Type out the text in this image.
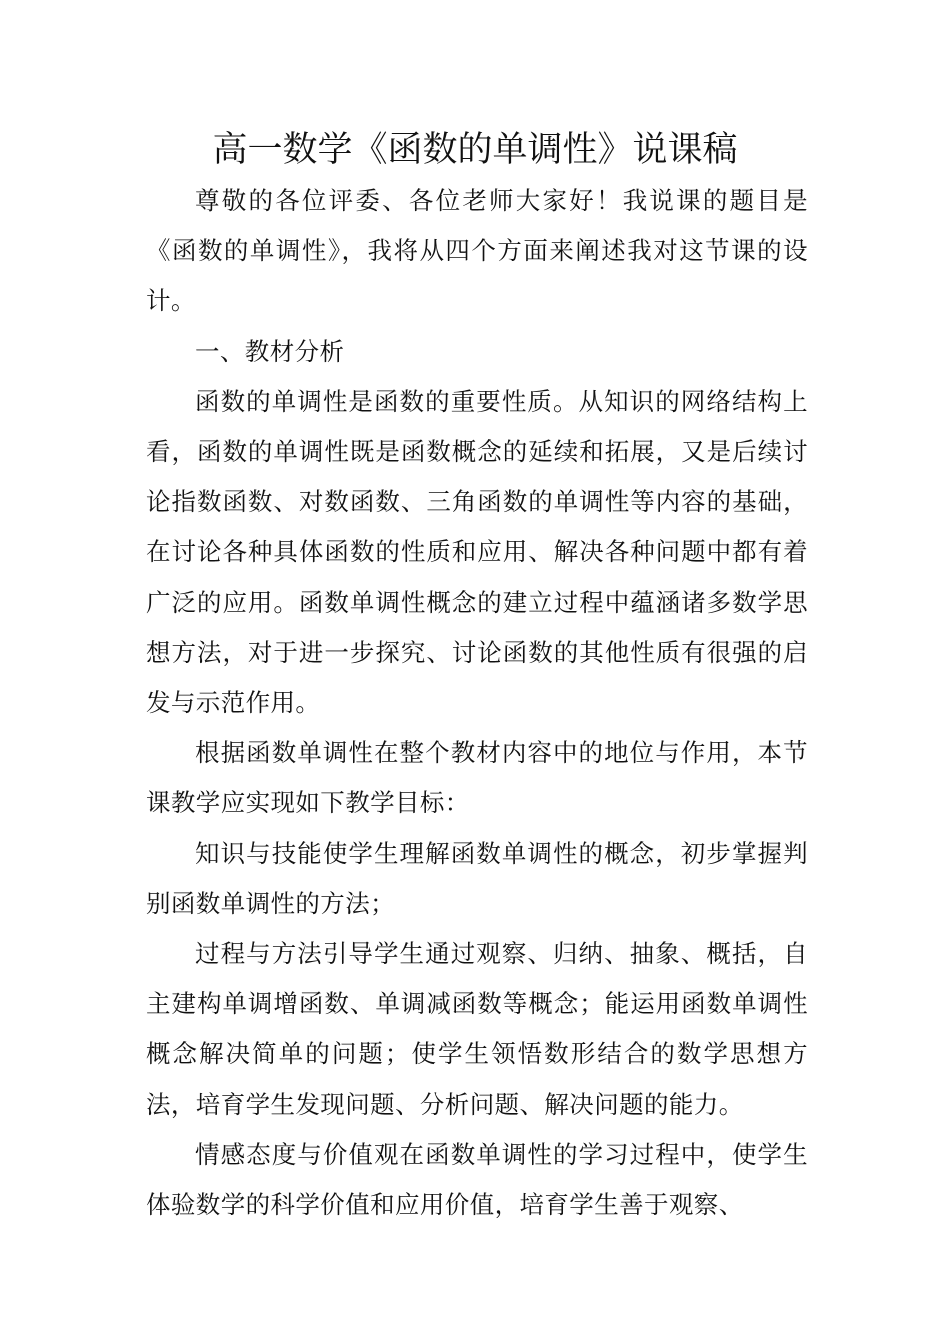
高一数学《函数的单调性》说课稿

尊敬的各位评委、各位老师大家好！我说课的题目是《函数的单调性》，我将从四个方面来阐述我对这节课的设计。

一、教材分析

函数的单调性是函数的重要性质。从知识的网络结构上看，函数的单调性既是函数概念的延续和拓展，又是后续讨论指数函数、对数函数、三角函数的单调性等内容的基础，在讨论各种具体函数的性质和应用、解决各种问题中都有着广泛的应用。函数单调性概念的建立过程中蕴涵诸多数学思想方法，对于进一步探究、讨论函数的其他性质有很强的启发与示范作用。

根据函数单调性在整个教材内容中的地位与作用，本节课教学应实现如下教学目标：

知识与技能使学生理解函数单调性的概念，初步掌握判别函数单调性的方法；

过程与方法引导学生通过观察、归纳、抽象、概括，自主建构单调增函数、单调减函数等概念；能运用函数单调性概念解决简单的问题；使学生领悟数形结合的数学思想方法，培育学生发现问题、分析问题、解决问题的能力。

情感态度与价值观在函数单调性的学习过程中，使学生体验数学的科学价值和应用价值，培育学生善于观察、
